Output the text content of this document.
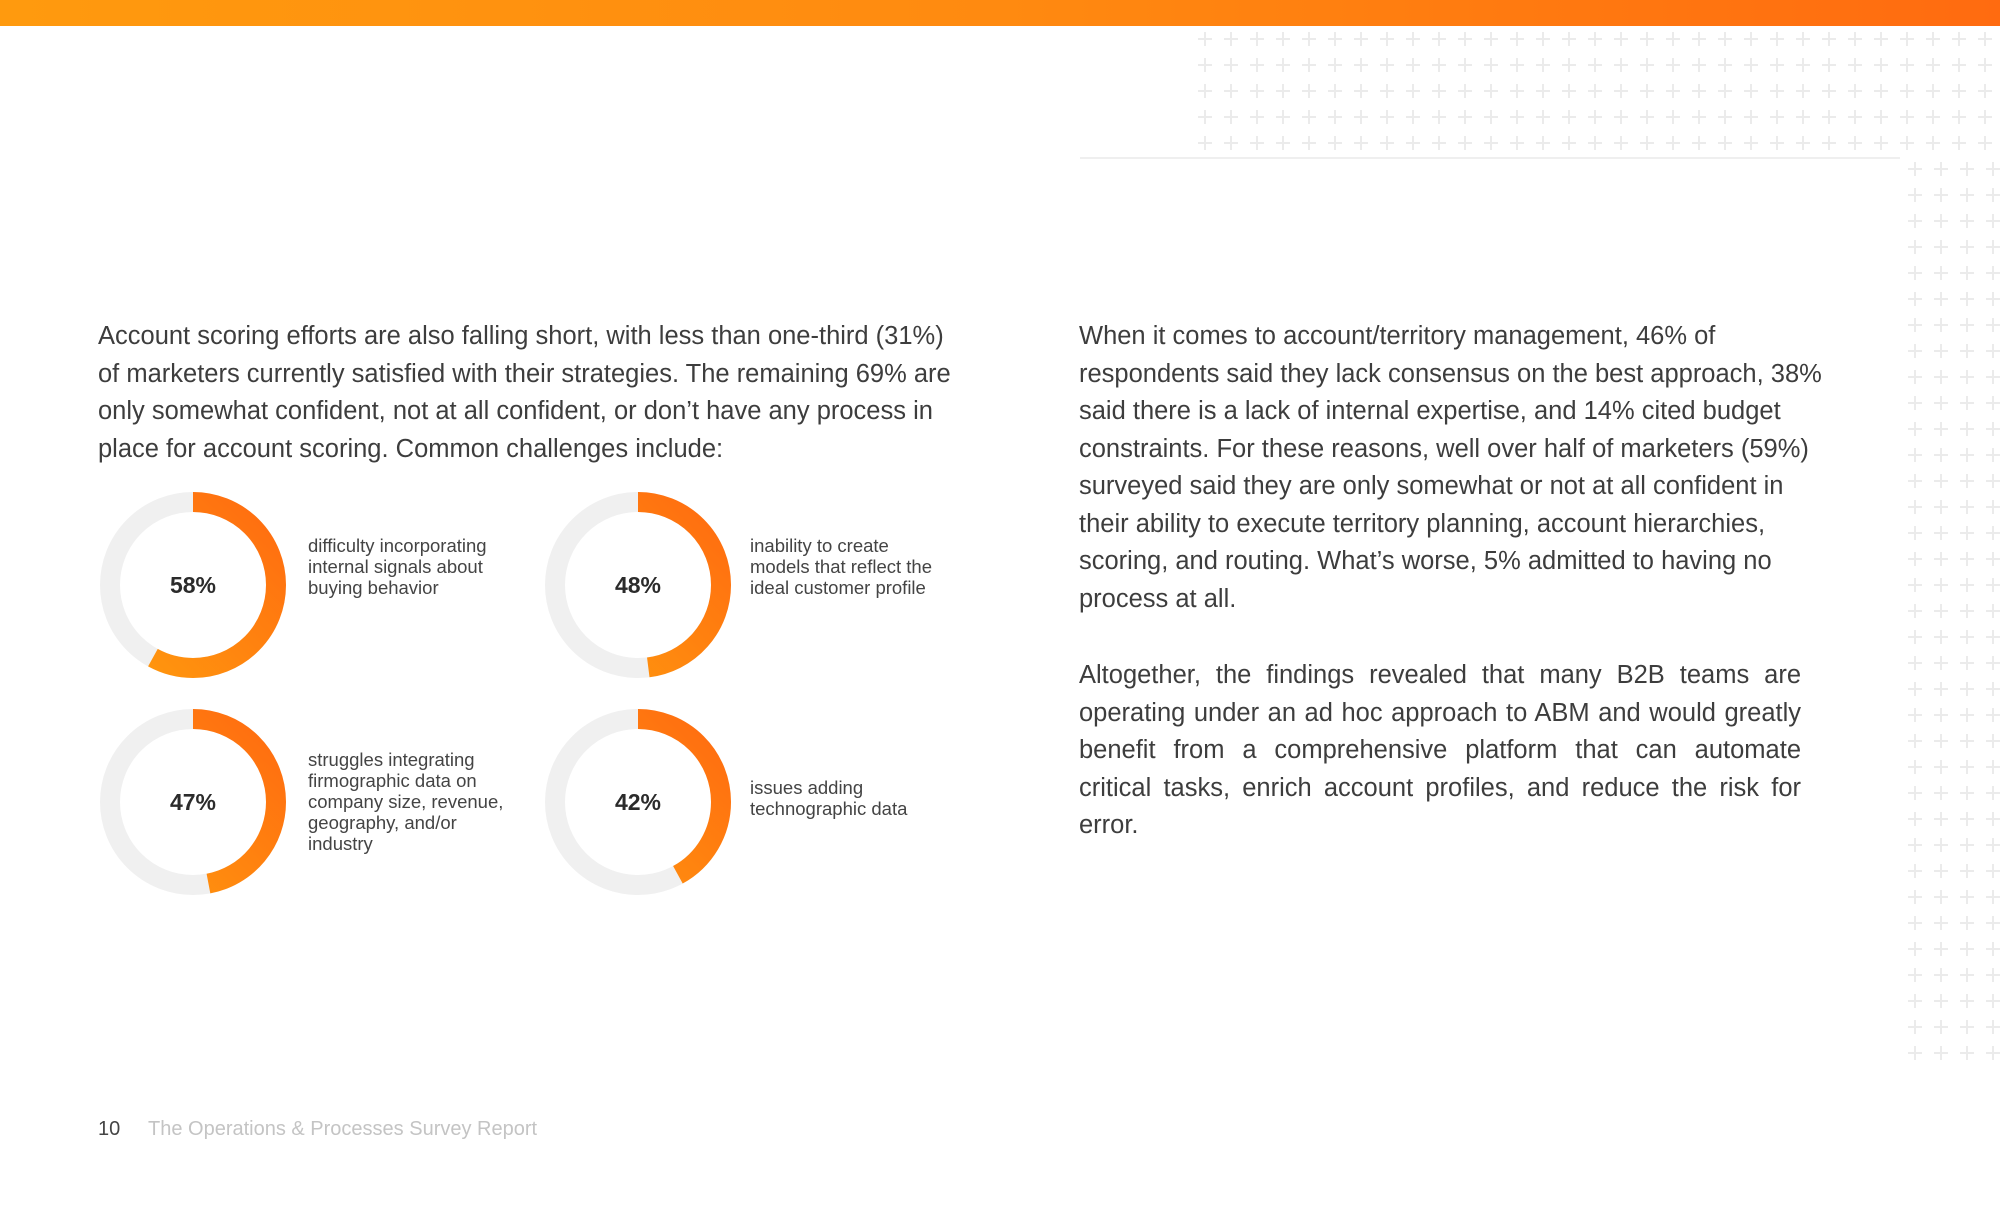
Account scoring efforts are also falling short, with less than one-third (31%) of marketers currently satisfied with their strategies. The remaining 69% are only somewhat confident, not at all confident, or don’t have any process in place for account scoring. Common challenges include:

58%

difficulty incorporating internal signals about buying behavior	48%

inability to create models that reflect the ideal customer profile

47%

struggles integrating firmographic data on company size, revenue, geography, and/or industry

42%

issues adding technographic data

When it comes to account/territory management, 46% of respondents said they lack consensus on the best approach, 38% said there is a lack of internal expertise, and 14% cited budget constraints. For these reasons, well over half of marketers (59%) surveyed said they are only somewhat or not at all confident in their ability to execute territory planning, account hierarchies, scoring, and routing. What’s worse, 5% admitted to having no process at all.

Altogether, the findings revealed that many B2B teams are operating under an ad hoc approach to ABM and would greatly benefit from a comprehensive platform that can automate critical tasks, enrich account profiles, and reduce the risk for error.

10 The Operations & Processes Survey Report
